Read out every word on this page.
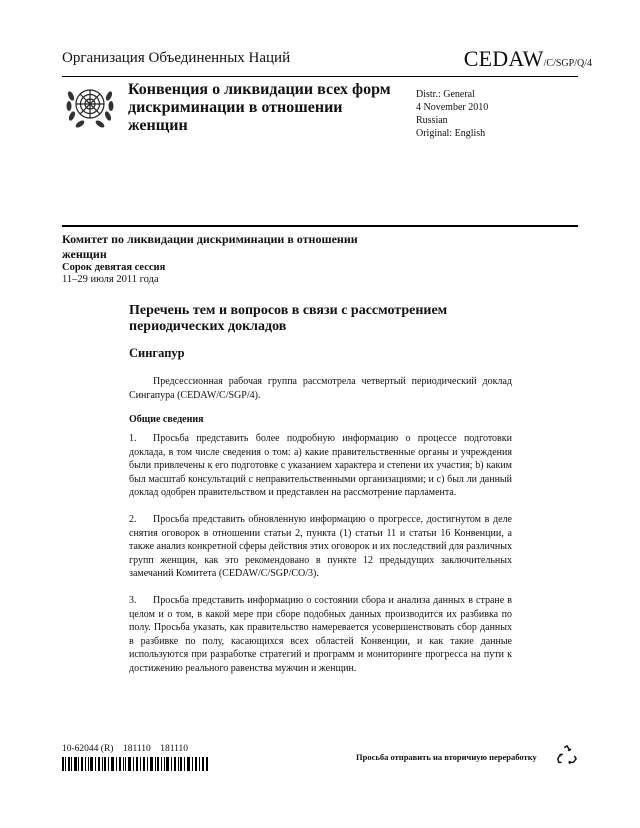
Организация Объединенных Наций	CEDAW/C/SGP/Q/4
Конвенция о ликвидации всех форм дискриминации в отношении женщин
Distr.: General
4 November 2010
Russian
Original: English
Комитет по ликвидации дискриминации в отношении женщин
Сорок девятая сессия
11–29 июля 2011 года
Перечень тем и вопросов в связи с рассмотрением периодических докладов
Сингапур
Предсессионная рабочая группа рассмотрела четвертый периодический доклад Сингапура (CEDAW/C/SGP/4).
Общие сведения
1. Просьба представить более подробную информацию о процессе подготовки доклада, в том числе сведения о том: a) какие правительственные органы и учреждения были привлечены к его подготовке с указанием характера и степени их участия; b) каким был масштаб консультаций с неправительственными организациями; и c) был ли данный доклад одобрен правительством и представлен на рассмотрение парламента.
2. Просьба представить обновленную информацию о прогрессе, достигнутом в деле снятия оговорок в отношении статьи 2, пункта (1) статьи 11 и статьи 16 Конвенции, а также анализ конкретной сферы действия этих оговорок и их последствий для различных групп женщин, как это рекомендовано в пункте 12 предыдущих заключительных замечаний Комитета (CEDAW/C/SGP/CO/3).
3. Просьба представить информацию о состоянии сбора и анализа данных в стране в целом и о том, в какой мере при сборе подобных данных производится их разбивка по полу. Просьба указать, как правительство намеревается усовершенствовать сбор данных в разбивке по полу, касающихся всех областей Конвенции, и как такие данные используются при разработке стратегий и программ и мониторинге прогресса на пути к достижению реального равенства мужчин и женщин.
10-62044 (R)    181110    181110
Просьба отправить на вторичную переработку
